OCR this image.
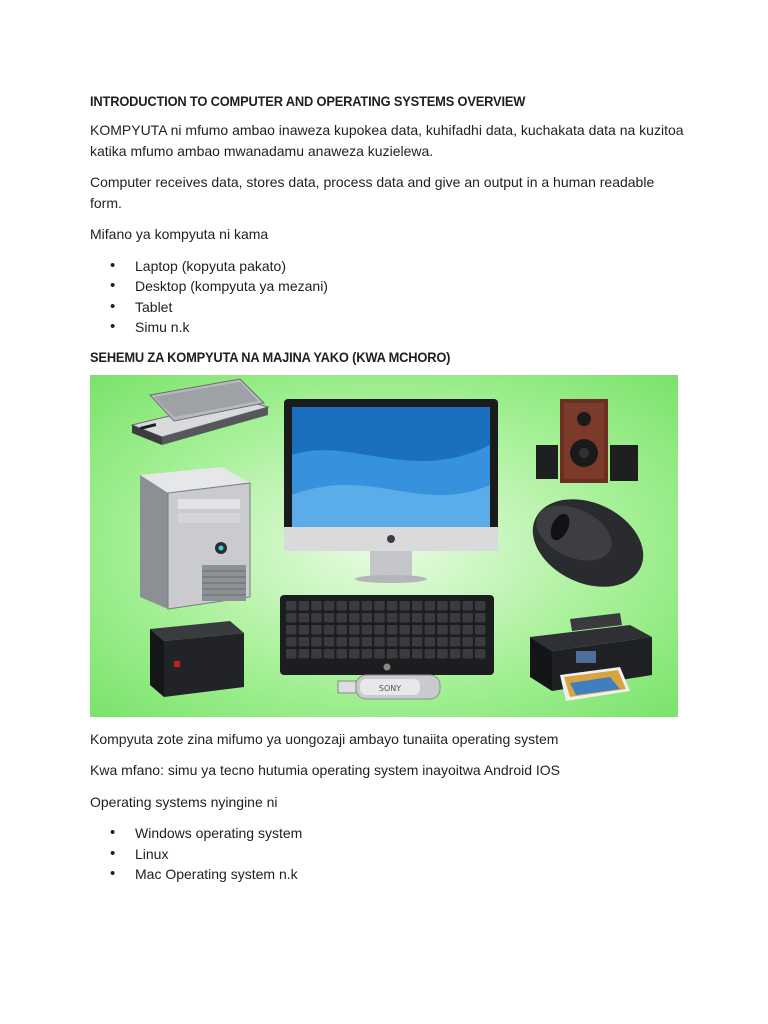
INTRODUCTION TO COMPUTER AND OPERATING SYSTEMS OVERVIEW

KOMPYUTA ni mfumo ambao inaweza kupokea data, kuhifadhi data, kuchakata data na kuzitoa katika mfumo ambao mwanadamu anaweza kuzielewa.

Computer receives data, stores data, process data and give an output in a human readable form.

Mifano ya kompyuta ni kama

• Laptop (kopyuta pakato)
• Desktop (kompyuta ya mezani)
• Tablet
• Simu n.k
SEHEMU ZA KOMPYUTA NA MAJINA YAKO (KWA MCHORO)
SONY

Kompyuta zote zina mifumo ya uongozaji ambayo tunaiita operating system

Kwa mfano: simu ya tecno hutumia operating system inayoitwa Android IOS

Operating systems nyingine ni

• Windows operating system
• Linux
• Mac Operating system n.k
